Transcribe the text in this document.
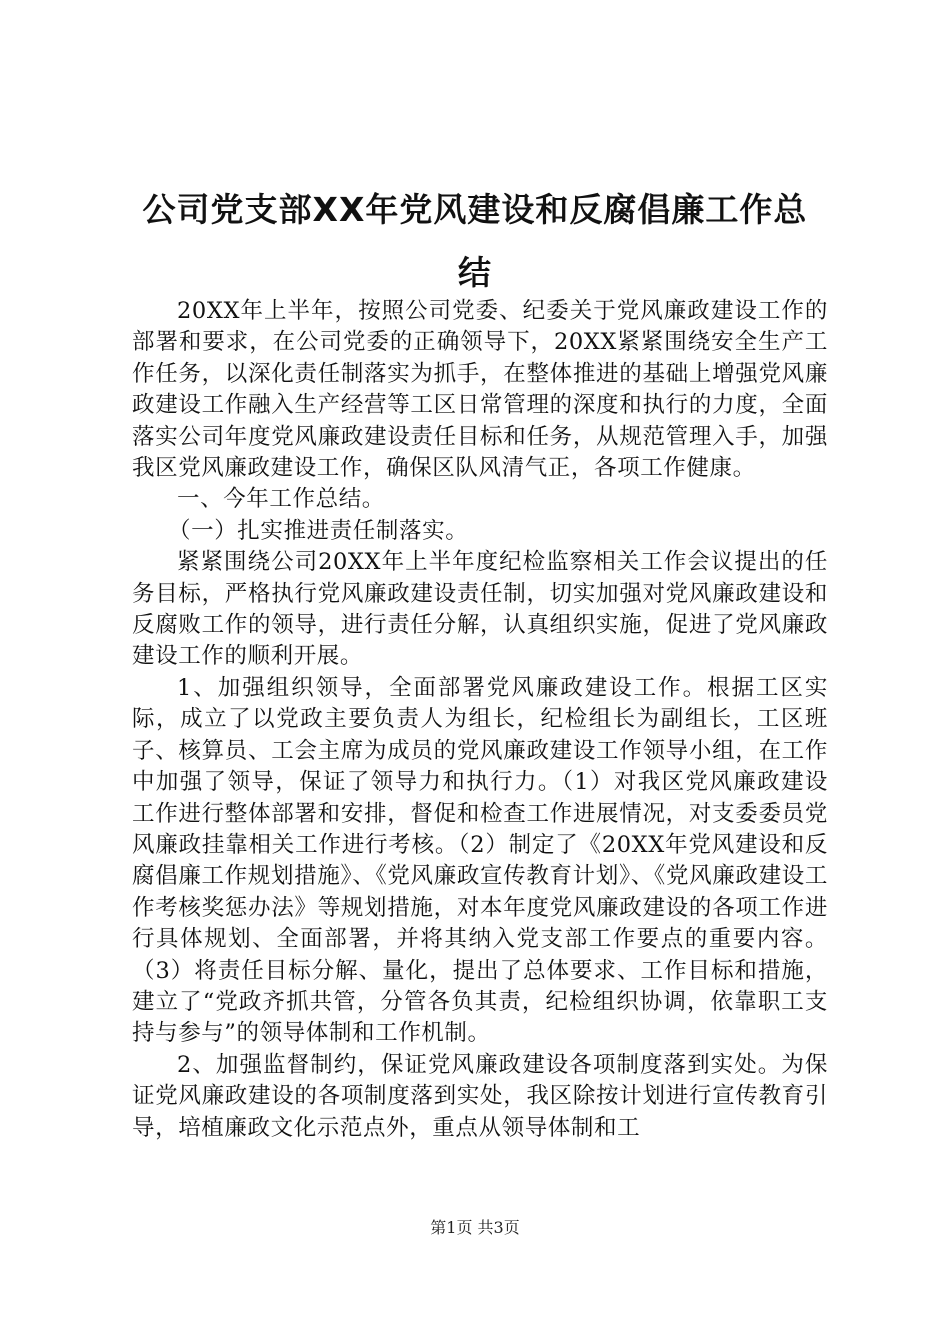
公司党支部XX年党风建设和反腐倡廉工作总
结

20XX年上半年，按照公司党委、纪委关于党风廉政建设工作的部署和要求，在公司党委的正确领导下，20XX紧紧围绕安全生产工作任务，以深化责任制落实为抓手，在整体推进的基础上增强党风廉政建设工作融入生产经营等工区日常管理的深度和执行的力度，全面落实公司年度党风廉政建设责任目标和任务，从规范管理入手，加强我区党风廉政建设工作，确保区队风清气正，各项工作健康。

一、今年工作总结。

（一）扎实推进责任制落实。

紧紧围绕公司20XX年上半年度纪检监察相关工作会议提出的任务目标，严格执行党风廉政建设责任制，切实加强对党风廉政建设和反腐败工作的领导，进行责任分解，认真组织实施，促进了党风廉政建设工作的顺利开展。

1、加强组织领导，全面部署党风廉政建设工作。根据工区实际，成立了以党政主要负责人为组长，纪检组长为副组长，工区班子、核算员、工会主席为成员的党风廉政建设工作领导小组，在工作中加强了领导，保证了领导力和执行力。（1）对我区党风廉政建设工作进行整体部署和安排，督促和检查工作进展情况，对支委委员党风廉政挂靠相关工作进行考核。（2）制定了《20XX年党风建设和反腐倡廉工作规划措施》、《党风廉政宣传教育计划》、《党风廉政建设工作考核奖惩办法》等规划措施，对本年度党风廉政建设的各项工作进行具体规划、全面部署，并将其纳入党支部工作要点的重要内容。（3）将责任目标分解、量化，提出了总体要求、工作目标和措施，建立了“党政齐抓共管，分管各负其责，纪检组织协调，依靠职工支持与参与”的领导体制和工作机制。

2、加强监督制约，保证党风廉政建设各项制度落到实处。为保证党风廉政建设的各项制度落到实处，我区除按计划进行宣传教育引导，培植廉政文化示范点外，重点从领导体制和工

第1页 共3页
